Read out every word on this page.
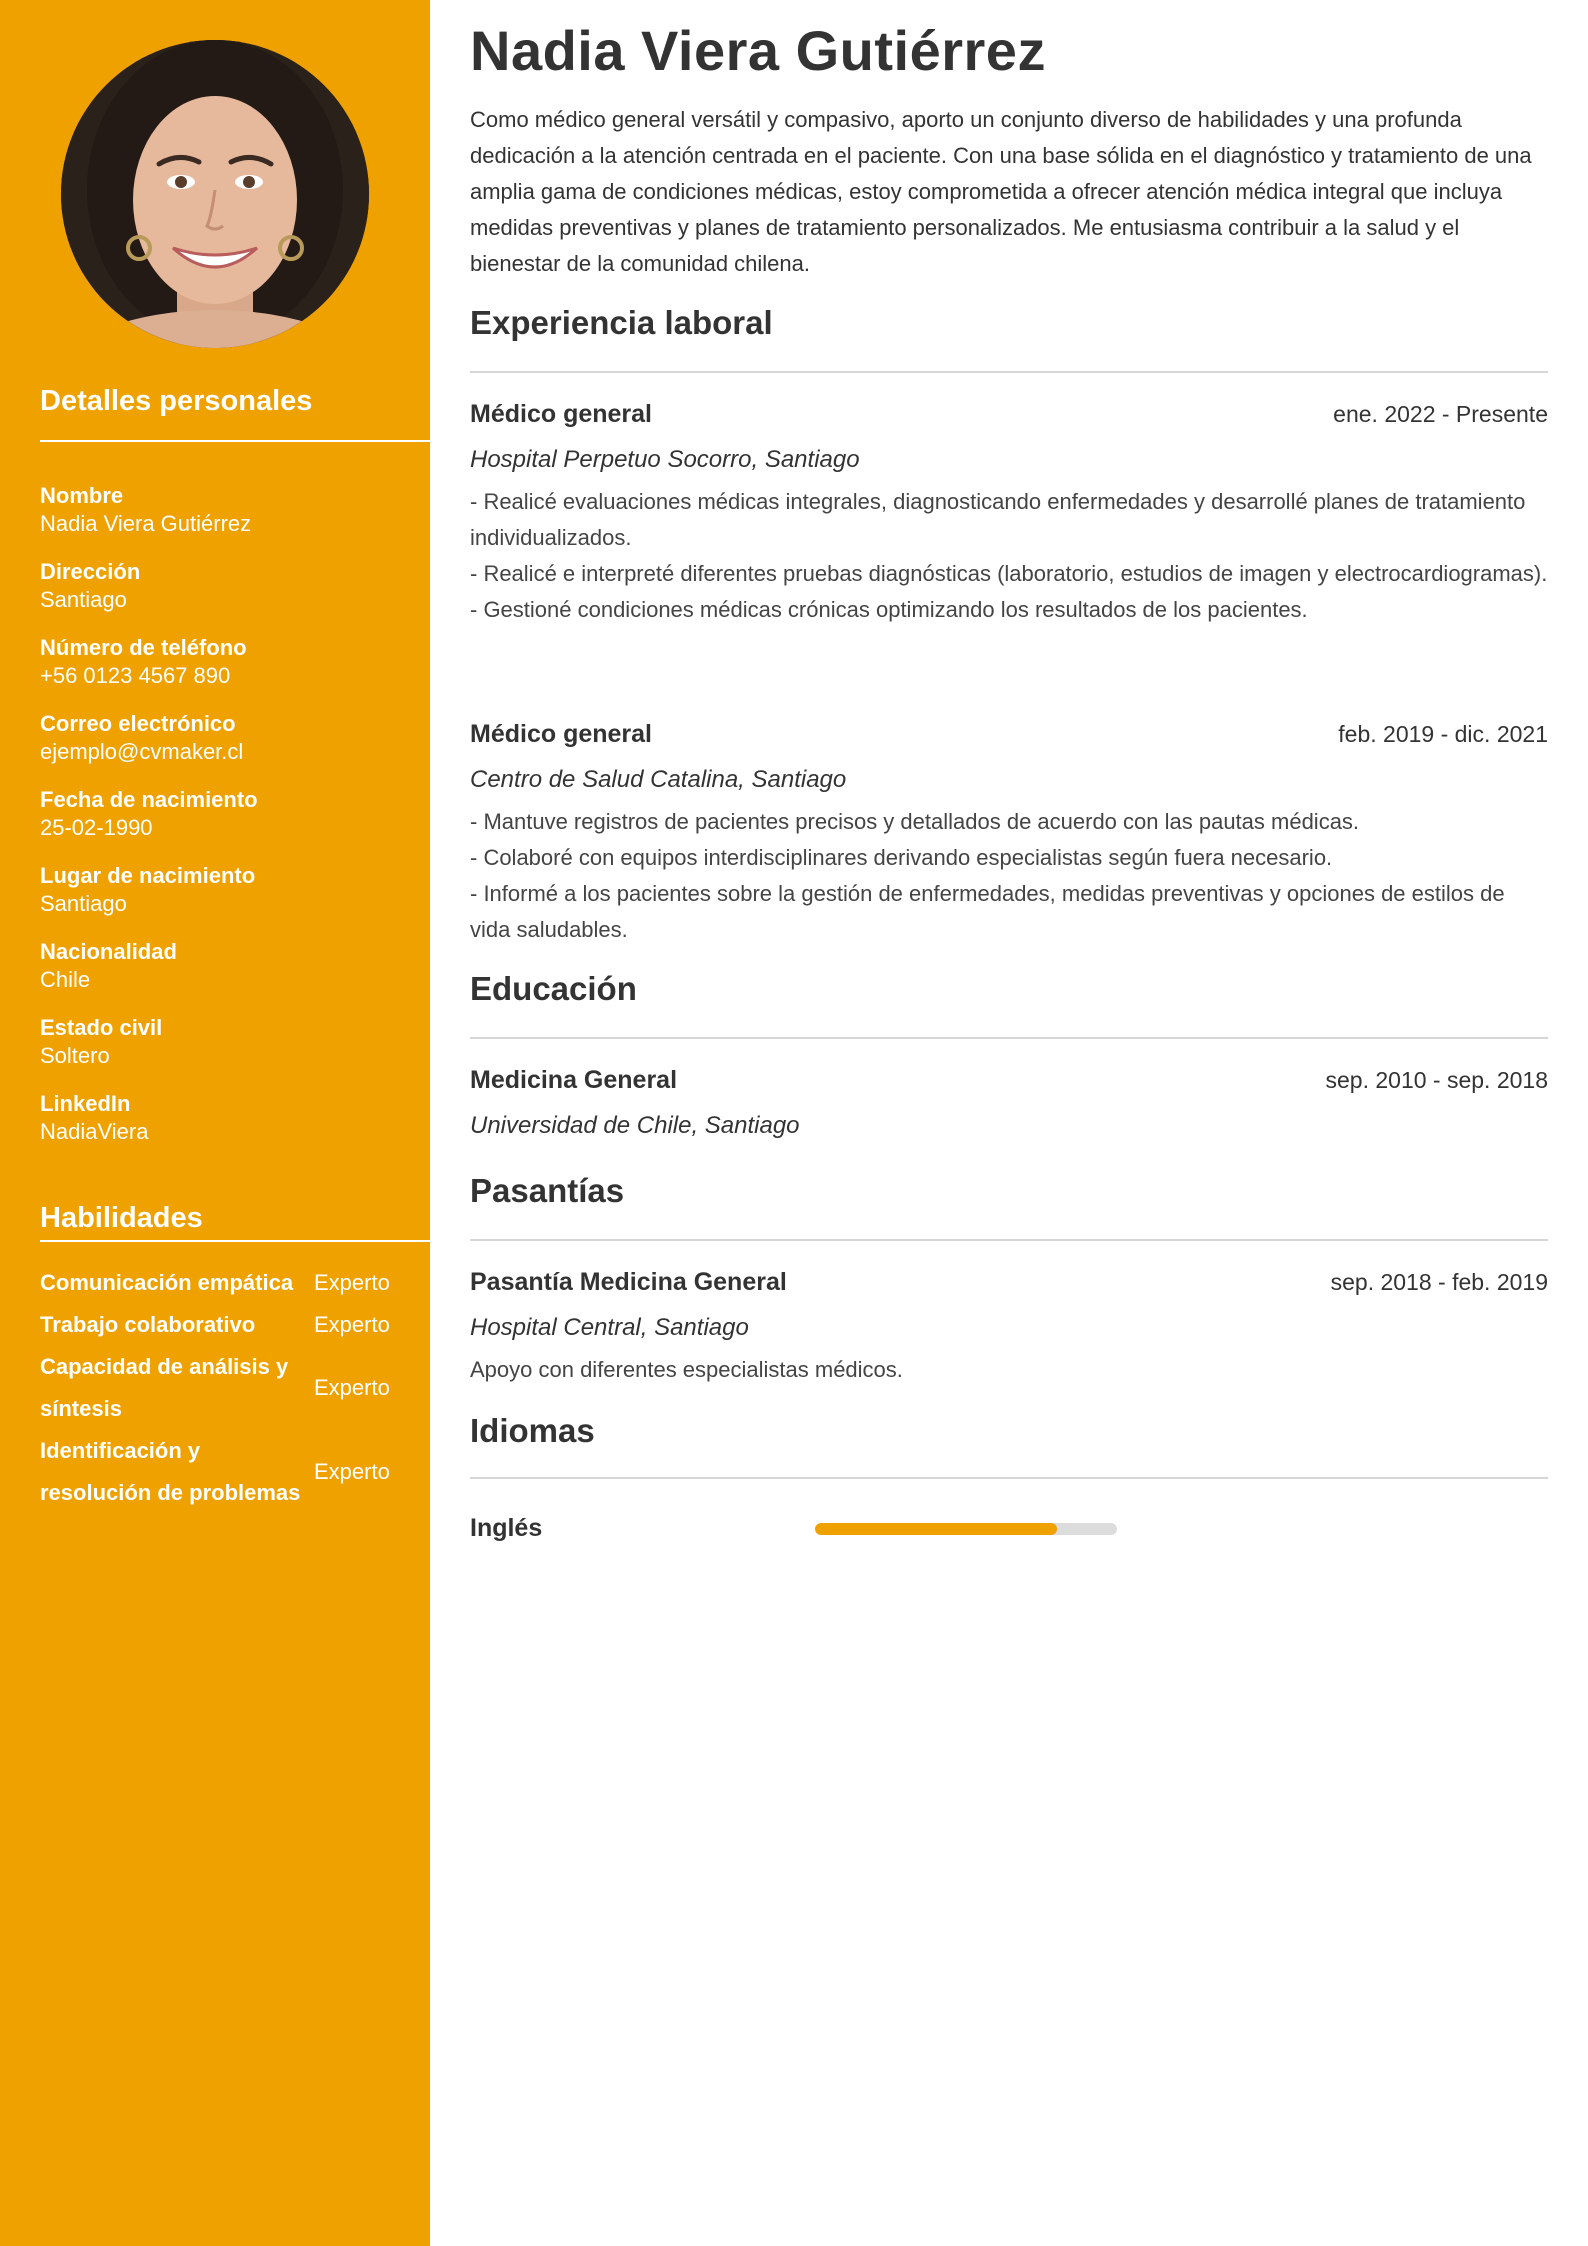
Detalles personales
Nombre
Nadia Viera Gutiérrez
Dirección
Santiago
Número de teléfono
+56 0123 4567 890
Correo electrónico
ejemplo@cvmaker.cl
Fecha de nacimiento
25-02-1990
Lugar de nacimiento
Santiago
Nacionalidad
Chile
Estado civil
Soltero
LinkedIn
NadiaViera
Habilidades
Comunicación empática Experto
Trabajo colaborativo	Experto
Capacidad de análisis y síntesis
Experto
Identificación y resolución de problemas
Experto
Nadia Viera Gutiérrez

Como médico general versátil y compasivo, aporto un conjunto diverso de habilidades y una profunda dedicación a la atención centrada en el paciente. Con una base sólida en el diagnóstico y tratamiento de una amplia gama de condiciones médicas, estoy comprometida a ofrecer atención médica integral que incluya medidas preventivas y planes de tratamiento personalizados. Me entusiasma contribuir a la salud y el bienestar de la comunidad chilena.

Experiencia laboral
Médico general	ene. 2022 - Presente
Hospital Perpetuo Socorro, Santiago
- Realicé evaluaciones médicas integrales, diagnosticando enfermedades y desarrollé planes de tratamiento individualizados.
- Realicé e interpreté diferentes pruebas diagnósticas (laboratorio, estudios de imagen y electrocardiogramas).
- Gestioné condiciones médicas crónicas optimizando los resultados de los pacientes.
Médico general	feb. 2019 - dic. 2021
Centro de Salud Catalina, Santiago
- Mantuve registros de pacientes precisos y detallados de acuerdo con las pautas médicas.
- Colaboré con equipos interdisciplinares derivando especialistas según fuera necesario.
- Informé a los pacientes sobre la gestión de enfermedades, medidas preventivas y opciones de estilos de vida saludables.
Educación
Medicina General	sep. 2010 - sep. 2018
Universidad de Chile, Santiago
Pasantías
Pasantía Medicina General	sep. 2018 - feb. 2019
Hospital Central, Santiago
Apoyo con diferentes especialistas médicos.
Idiomas
Inglés
